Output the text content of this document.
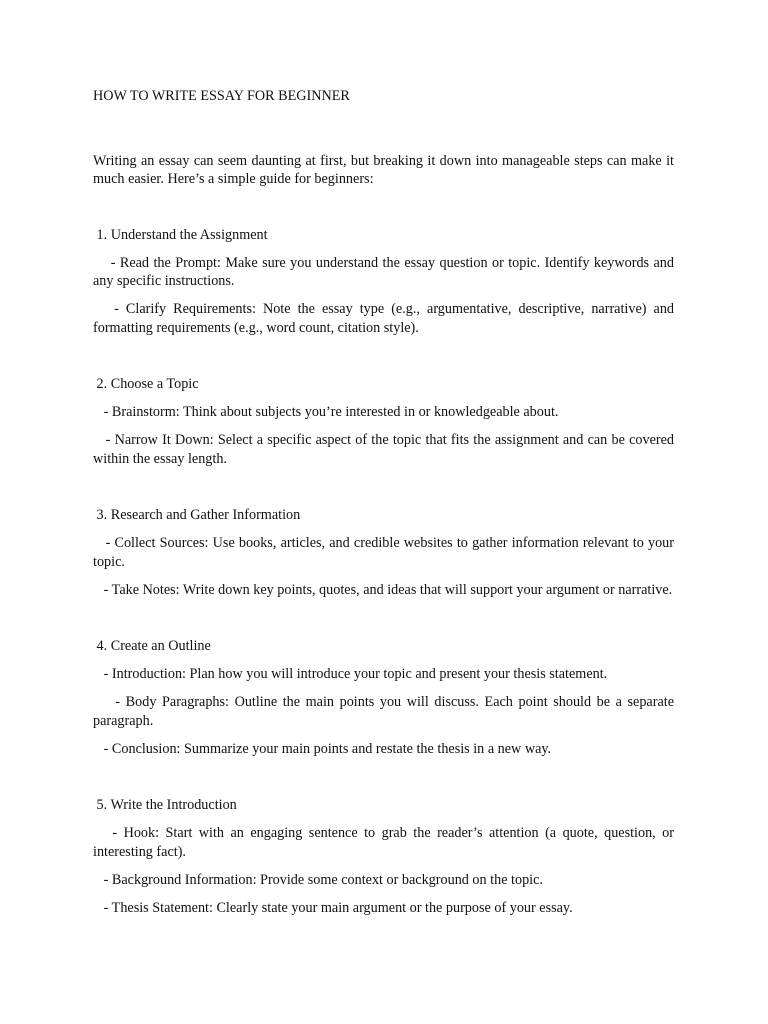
HOW TO WRITE ESSAY FOR BEGINNER
Writing an essay can seem daunting at first, but breaking it down into manageable steps can make it much easier. Here’s a simple guide for beginners:
1. Understand the Assignment
- Read the Prompt: Make sure you understand the essay question or topic. Identify keywords and any specific instructions.
- Clarify Requirements: Note the essay type (e.g., argumentative, descriptive, narrative) and formatting requirements (e.g., word count, citation style).
2. Choose a Topic
- Brainstorm: Think about subjects you’re interested in or knowledgeable about.
- Narrow It Down: Select a specific aspect of the topic that fits the assignment and can be covered within the essay length.
3. Research and Gather Information
- Collect Sources: Use books, articles, and credible websites to gather information relevant to your topic.
- Take Notes: Write down key points, quotes, and ideas that will support your argument or narrative.
4. Create an Outline
- Introduction: Plan how you will introduce your topic and present your thesis statement.
- Body Paragraphs: Outline the main points you will discuss. Each point should be a separate paragraph.
- Conclusion: Summarize your main points and restate the thesis in a new way.
5. Write the Introduction
- Hook: Start with an engaging sentence to grab the reader’s attention (a quote, question, or interesting fact).
- Background Information: Provide some context or background on the topic.
- Thesis Statement: Clearly state your main argument or the purpose of your essay.
